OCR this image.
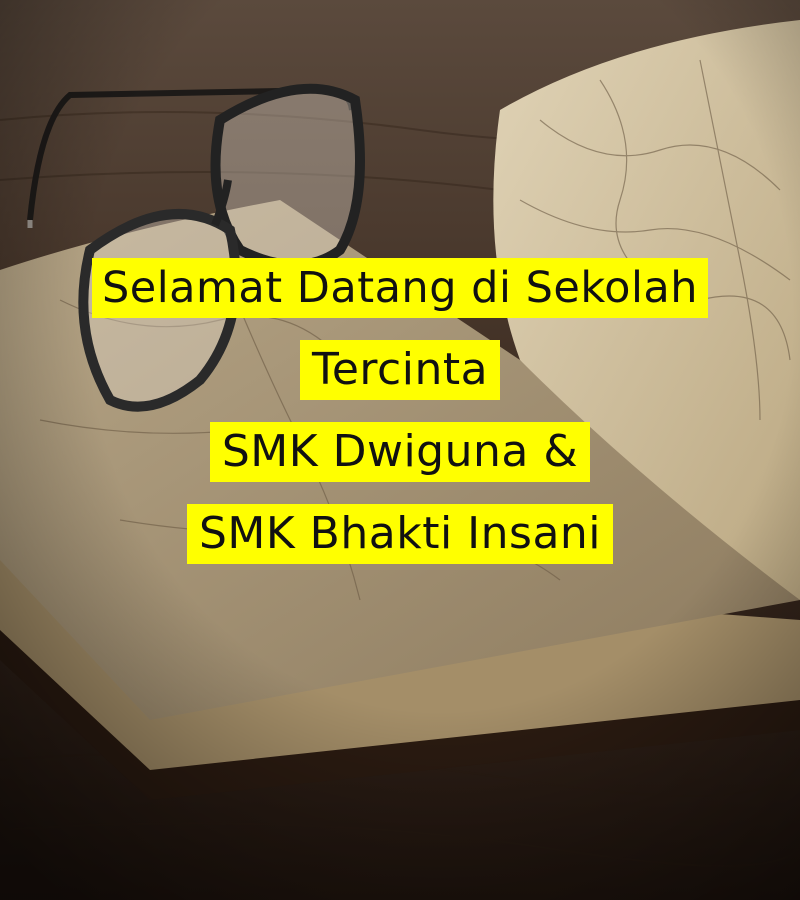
Selamat Datang di Sekolah
Tercinta
SMK Dwiguna &
SMK Bhakti Insani
